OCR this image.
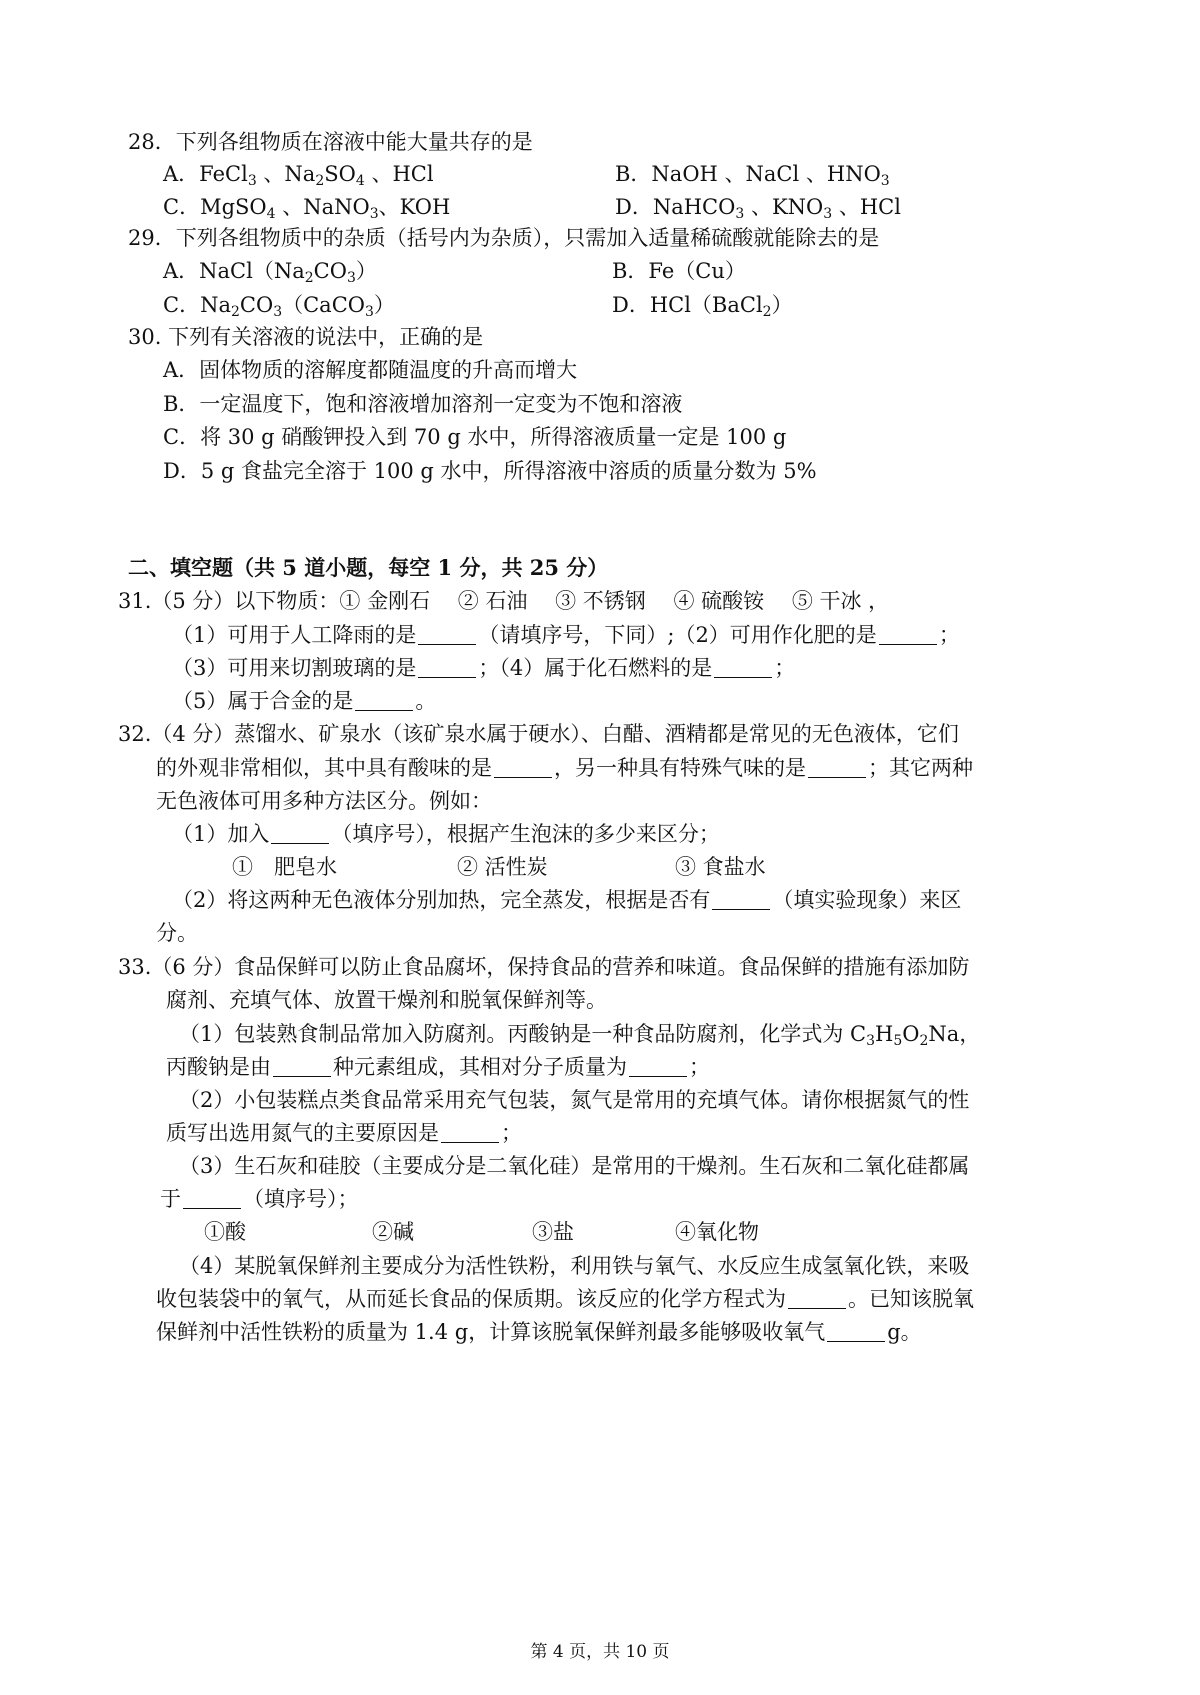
28．下列各组物质在溶液中能大量共存的是
A．FeCl3 、Na2SO4 、HCl	B．NaOH 、NaCl 、HNO3
C．MgSO4 、NaNO3、KOH	D．NaHCO3 、KNO3 、HCl
29．下列各组物质中的杂质（括号内为杂质），只需加入适量稀硫酸就能除去的是
A．NaCl（Na2CO3）	B．Fe（Cu）
C．Na2CO3（CaCO3）	D．HCl（BaCl2）
30. 下列有关溶液的说法中，正确的是
A．固体物质的溶解度都随温度的升高而增大
B．一定温度下，饱和溶液增加溶剂一定变为不饱和溶液
C．将 30 g 硝酸钾投入到 70 g 水中，所得溶液质量一定是 100 g
D．5 g 食盐完全溶于 100 g 水中，所得溶液中溶质的质量分数为 5%
二、填空题（共 5 道小题，每空 1 分，共 25 分）
31.（5 分）以下物质：① 金刚石 　② 石油 　③ 不锈钢 　④ 硫酸铵 　⑤ 干冰 ，
（1）可用于人工降雨的是	（请填序号，下同）;（2）可用作化肥的是	；
（3）可用来切割玻璃的是	；（4）属于化石燃料的是	；
（5）属于合金的是	。
32.（4 分）蒸馏水、矿泉水（该矿泉水属于硬水）、白醋、酒精都是常见的无色液体，它们
的外观非常相似，其中具有酸味的是	，另一种具有特殊气味的是	；其它两种
无色液体可用多种方法区分。例如：
（1）加入	（填序号），根据产生泡沫的多少来区分；
①　肥皂水	② 活性炭	③ 食盐水
（2）将这两种无色液体分别加热，完全蒸发，根据是否有	（填实验现象）来区
分。
33.（6 分）食品保鲜可以防止食品腐坏，保持食品的营养和味道。食品保鲜的措施有添加防
腐剂、充填气体、放置干燥剂和脱氧保鲜剂等。
（1）包装熟食制品常加入防腐剂。丙酸钠是一种食品防腐剂，化学式为 C3H5O2Na，
丙酸钠是由	种元素组成，其相对分子质量为	；
（2）小包装糕点类食品常采用充气包装，氮气是常用的充填气体。请你根据氮气的性
质写出选用氮气的主要原因是	；
（3）生石灰和硅胶（主要成分是二氧化硅）是常用的干燥剂。生石灰和二氧化硅都属
于	（填序号）；
①酸	②碱	③盐	④氧化物
（4）某脱氧保鲜剂主要成分为活性铁粉，利用铁与氧气、水反应生成氢氧化铁，来吸
收包装袋中的氧气，从而延长食品的保质期。该反应的化学方程式为	。已知该脱氧
保鲜剂中活性铁粉的质量为 1.4 g，计算该脱氧保鲜剂最多能够吸收氧气	g。
第 4 页，共 10 页
